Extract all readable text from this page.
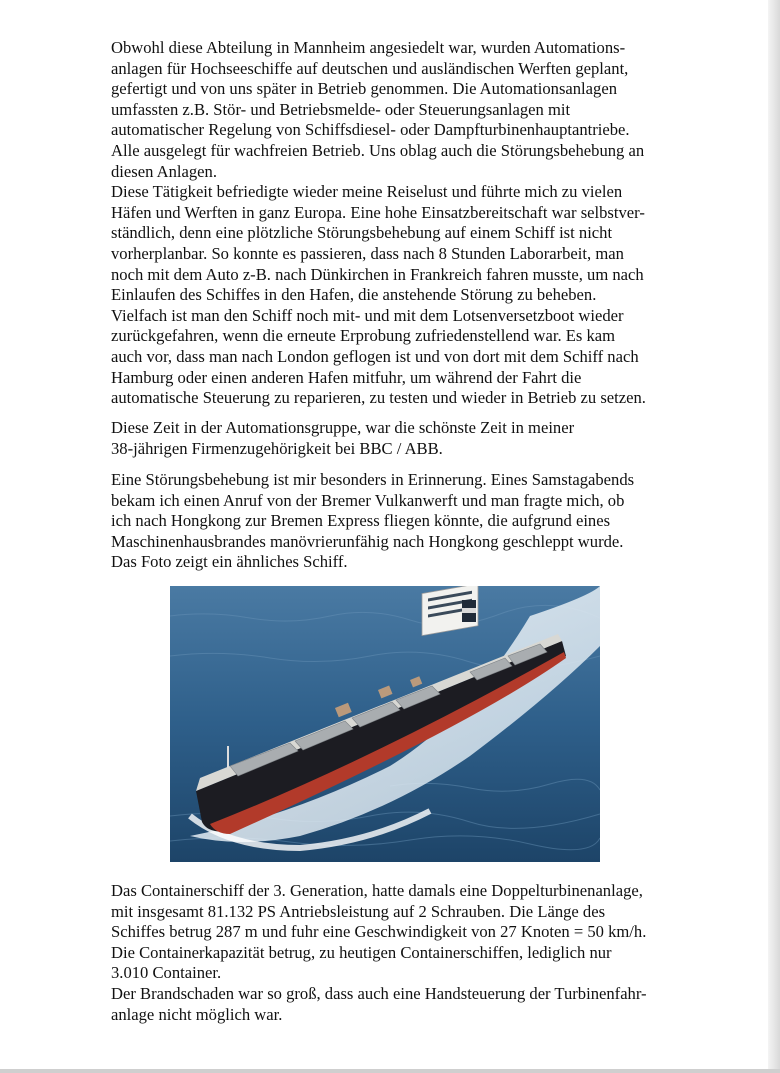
Obwohl diese Abteilung in Mannheim angesiedelt war, wurden Automations-
anlagen für Hochseeschiffe auf deutschen und ausländischen Werften geplant,
gefertigt und von uns später in Betrieb genommen. Die Automationsanlagen
umfassten z.B. Stör- und Betriebsmelde- oder Steuerungsanlagen mit
automatischer Regelung von Schiffsdiesel- oder Dampfturbinenhauptantriebe.
Alle ausgelegt für wachfreien Betrieb. Uns oblag auch die Störungsbehebung an
diesen Anlagen.

Diese Tätigkeit befriedigte wieder meine Reiselust und führte mich zu vielen
Häfen und Werften in ganz Europa. Eine hohe Einsatzbereitschaft war selbstver-
ständlich, denn eine plötzliche Störungsbehebung auf einem Schiff ist nicht
vorherplanbar. So konnte es passieren, dass nach 8 Stunden Laborarbeit, man
noch mit dem Auto z-B. nach Dünkirchen in Frankreich fahren musste, um nach
Einlaufen des Schiffes in den Hafen, die anstehende Störung zu beheben.
Vielfach ist man den Schiff noch mit- und mit dem Lotsenversetzboot wieder
zurückgefahren, wenn die erneute Erprobung zufriedenstellend war. Es kam
auch vor, dass man nach London geflogen ist und von dort mit dem Schiff nach
Hamburg oder einen anderen Hafen mitfuhr, um während der Fahrt die
automatische Steuerung zu reparieren, zu testen und wieder in Betrieb zu setzen.

Diese Zeit in der Automationsgruppe, war die schönste Zeit in meiner
38-jährigen Firmenzugehörigkeit bei BBC / ABB.

Eine Störungsbehebung ist mir besonders in Erinnerung. Eines Samstagabends
bekam ich einen Anruf von der Bremer Vulkanwerft und man fragte mich, ob
ich nach Hongkong zur Bremen Express fliegen könnte, die aufgrund eines
Maschinenhausbrandes manövrierunfähig nach Hongkong geschleppt wurde.
Das Foto zeigt ein ähnliches Schiff.

Das Containerschiff der 3. Generation, hatte damals eine Doppelturbinenanlage,
mit insgesamt 81.132 PS Antriebsleistung auf 2 Schrauben. Die Länge des
Schiffes betrug 287 m und fuhr eine Geschwindigkeit von 27 Knoten = 50 km/h.
Die Containerkapazität betrug, zu heutigen Containerschiffen, lediglich nur
3.010 Container.

Der Brandschaden war so groß, dass auch eine Handsteuerung der Turbinenfahr-
anlage nicht möglich war.
